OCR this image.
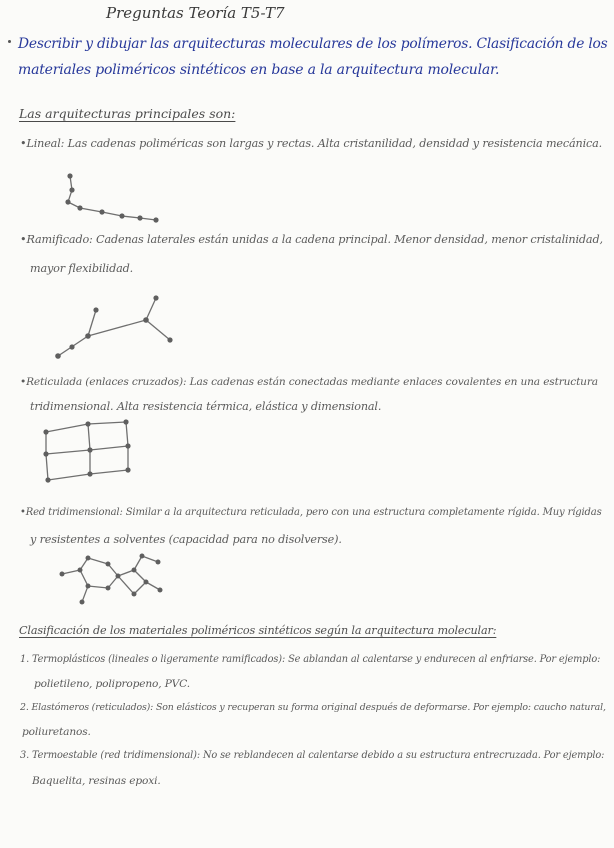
Preguntas Teoría T5-T7

Describir y dibujar las arquitecturas moleculares de los polímeros. Clasificación de los

materiales poliméricos sintéticos en base a la arquitectura molecular.

Las arquitecturas principales son:

•Lineal: Las cadenas poliméricas son largas y rectas. Alta cristanilidad, densidad y resistencia mecánica.

•Ramificado: Cadenas laterales están unidas a la cadena principal. Menor densidad, menor cristalinidad,

mayor flexibilidad.

•Reticulada (enlaces cruzados): Las cadenas están conectadas mediante enlaces covalentes en una estructura

tridimensional. Alta resistencia térmica, elástica y dimensional.

•Red tridimensional: Similar a la arquitectura reticulada, pero con una estructura completamente rígida. Muy rígidas

y resistentes a solventes (capacidad para no disolverse).

Clasificación de los materiales poliméricos sintéticos según la arquitectura molecular:

1. Termoplásticos (lineales o ligeramente ramificados): Se ablandan al calentarse y endurecen al enfriarse. Por ejemplo:

polietileno, polipropeno, PVC.

2. Elastómeros (reticulados): Son elásticos y recuperan su forma original después de deformarse. Por ejemplo: caucho natural,

poliuretanos.

3. Termoestable (red tridimensional): No se reblandecen al calentarse debido a su estructura entrecruzada. Por ejemplo:

Baquelita, resinas epoxi.
